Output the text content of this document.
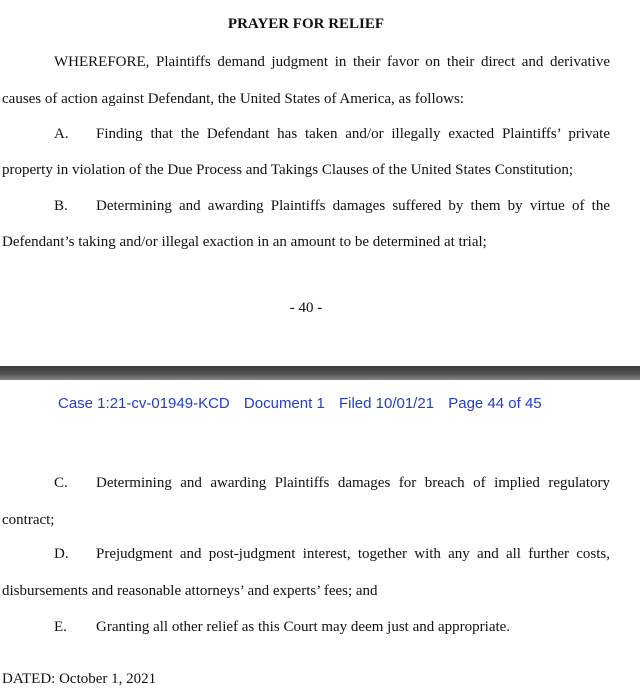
PRAYER FOR RELIEF
WHEREFORE, Plaintiffs demand judgment in their favor on their direct and derivative
causes of action against Defendant, the United States of America, as follows:
A. Finding that the Defendant has taken and/or illegally exacted Plaintiffs’ private
property in violation of the Due Process and Takings Clauses of the United States Constitution;
B. Determining and awarding Plaintiffs damages suffered by them by virtue of the
Defendant’s taking and/or illegal exaction in an amount to be determined at trial;
- 40 -
Case 1:21-cv-01949-KCD Document 1 Filed 10/01/21 Page 44 of 45
C. Determining and awarding Plaintiffs damages for breach of implied regulatory
contract;
D. Prejudgment and post-judgment interest, together with any and all further costs,
disbursements and reasonable attorneys’ and experts’ fees; and
E. Granting all other relief as this Court may deem just and appropriate.
DATED: October 1, 2021
